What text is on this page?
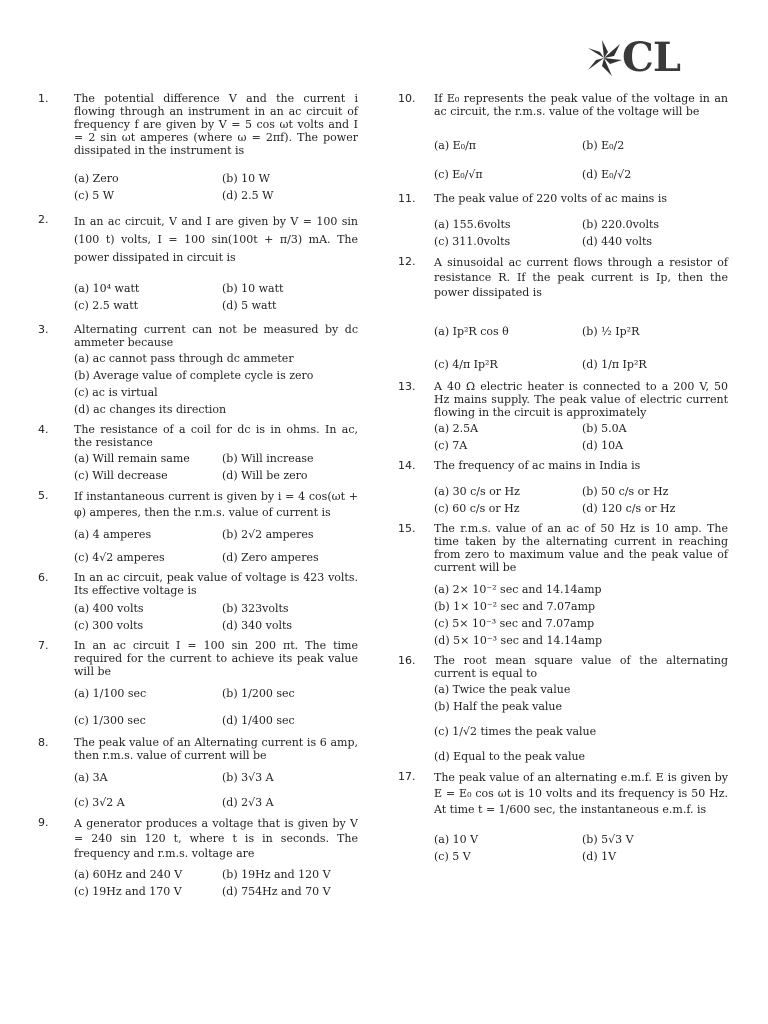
CL
1. The potential difference V and the current i flowing through an instrument in an ac circuit of frequency f are given by V = 5 cos ωt volts and I = 2 sin ωt amperes (where ω = 2πf). The power dissipated in the instrument is
(a) Zero	(b) 10 W
(c) 5 W	(d) 2.5 W
2. In an ac circuit, V and I are given by V = 100 sin (100 t) volts, I = 100 sin(100t + π/3) mA. The power dissipated in circuit is
(a) 10⁴ watt	(b) 10 watt
(c) 2.5 watt	(d) 5 watt
3. Alternating current can not be measured by dc ammeter because
(a) ac cannot pass through dc ammeter
(b) Average value of complete cycle is zero
(c) ac is virtual
(d) ac changes its direction
4. The resistance of a coil for dc is in ohms. In ac, the resistance
(a) Will remain same	(b) Will increase
(c) Will decrease	(d) Will be zero
5. If instantaneous current is given by i = 4 cos(ωt + φ) amperes, then the r.m.s. value of current is
(a) 4 amperes	(b) 2√2 amperes
(c) 4√2 amperes	(d) Zero amperes
6. In an ac circuit, peak value of voltage is 423 volts. Its effective voltage is
(a) 400 volts	(b) 323volts
(c) 300 volts	(d) 340 volts
7. In an ac circuit I = 100 sin 200 πt. The time required for the current to achieve its peak value will be
(a) 1/100 sec	(b) 1/200 sec
(c) 1/300 sec	(d) 1/400 sec
8. The peak value of an Alternating current is 6 amp, then r.m.s. value of current will be
(a) 3A	(b) 3√3 A
(c) 3√2 A	(d) 2√3 A
9. A generator produces a voltage that is given by V = 240 sin 120 t, where t is in seconds. The frequency and r.m.s. voltage are
(a) 60Hz and 240 V	(b) 19Hz and 120 V
(c) 19Hz and 170 V	(d) 754Hz and 70 V
10. If E₀ represents the peak value of the voltage in an ac circuit, the r.m.s. value of the voltage will be
(a) E₀/π	(b) E₀/2
(c) E₀/√π	(d) E₀/√2
11. The peak value of 220 volts of ac mains is
(a) 155.6volts	(b) 220.0volts
(c) 311.0volts	(d) 440 volts
12. A sinusoidal ac current flows through a resistor of resistance R. If the peak current is Ip, then the power dissipated is
(a) Ip²R cos θ	(b) ½ Ip²R
(c) 4/π Ip²R	(d) 1/π Ip²R
13. A 40 Ω electric heater is connected to a 200 V, 50 Hz mains supply. The peak value of electric current flowing in the circuit is approximately
(a) 2.5A	(b) 5.0A
(c) 7A	(d) 10A
14. The frequency of ac mains in India is
(a) 30 c/s or Hz	(b) 50 c/s or Hz
(c) 60 c/s or Hz	(d) 120 c/s or Hz
15. The r.m.s. value of an ac of 50 Hz is 10 amp. The time taken by the alternating current in reaching from zero to maximum value and the peak value of current will be
(a) 2× 10⁻² sec and 14.14amp
(b) 1× 10⁻² sec and 7.07amp
(c) 5× 10⁻³ sec and 7.07amp
(d) 5× 10⁻³ sec and 14.14amp
16. The root mean square value of the alternating current is equal to
(a) Twice the peak value
(b) Half the peak value
(c) 1/√2 times the peak value
(d) Equal to the peak value
17. The peak value of an alternating e.m.f. E is given by E = E₀ cos ωt is 10 volts and its frequency is 50 Hz. At time t = 1/600 sec, the instantaneous e.m.f. is
(a) 10 V	(b) 5√3 V
(c) 5 V	(d) 1V
